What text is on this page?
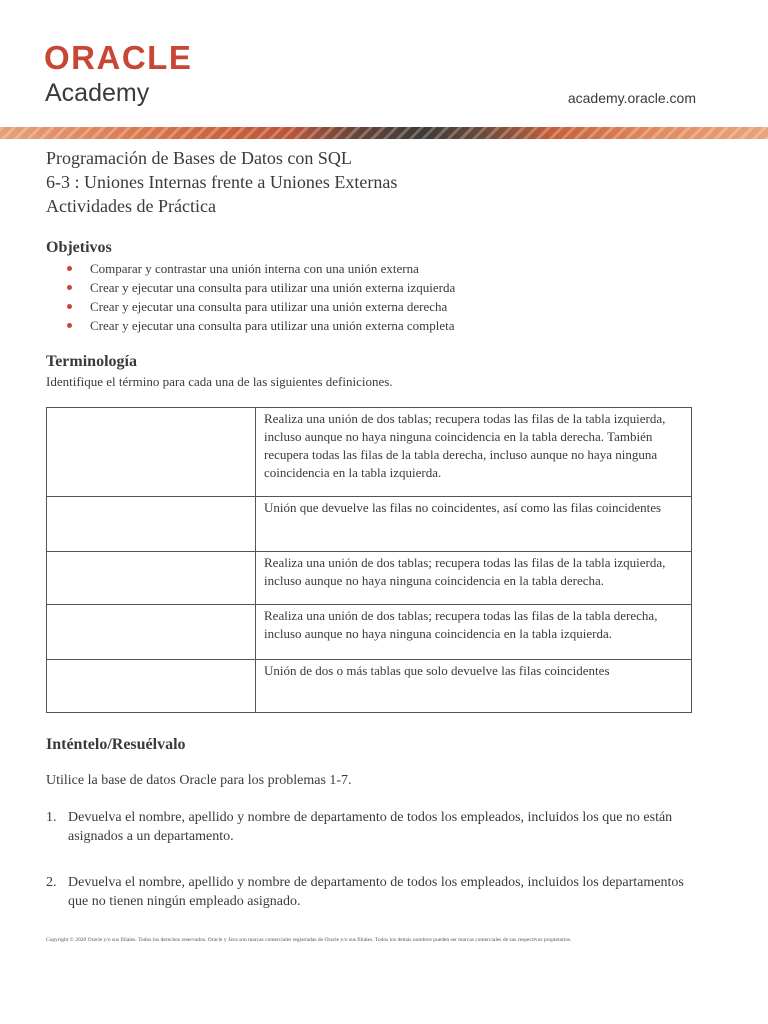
ORACLE
Academy	academy.oracle.com

Programación de Bases de Datos con SQL

6-3 : Uniones Internas frente a Uniones Externas

Actividades de Práctica

Objetivos
Comparar y contrastar una unión interna con una unión externa
Crear y ejecutar una consulta para utilizar una unión externa izquierda
Crear y ejecutar una consulta para utilizar una unión externa derecha
Crear y ejecutar una consulta para utilizar una unión externa completa
Terminología
Identifique el término para cada una de las siguientes definiciones.
	Realiza una unión de dos tablas; recupera todas las filas de la tabla izquierda, incluso aunque no haya ninguna coincidencia en la tabla derecha. También recupera todas las filas de la tabla derecha, incluso aunque no haya ninguna coincidencia en la tabla izquierda.
	Unión que devuelve las filas no coincidentes, así como las filas coincidentes
	Realiza una unión de dos tablas; recupera todas las filas de la tabla izquierda, incluso aunque no haya ninguna coincidencia en la tabla derecha.
	Realiza una unión de dos tablas; recupera todas las filas de la tabla derecha, incluso aunque no haya ninguna coincidencia en la tabla izquierda.
	Unión de dos o más tablas que solo devuelve las filas coincidentes
Inténtelo/Resuélvalo
Utilice la base de datos Oracle para los problemas 1-7.
1. Devuelva el nombre, apellido y nombre de departamento de todos los empleados, incluidos los que no están asignados a un departamento.
2. Devuelva el nombre, apellido y nombre de departamento de todos los empleados, incluidos los departamentos que no tienen ningún empleado asignado.
Copyright © 2020 Oracle y/o sus filiales. Todos los derechos reservados. Oracle y Java son marcas comerciales registradas de Oracle y/o sus filiales. Todos los demás nombres pueden ser marcas comerciales de sus respectivos propietarios.
